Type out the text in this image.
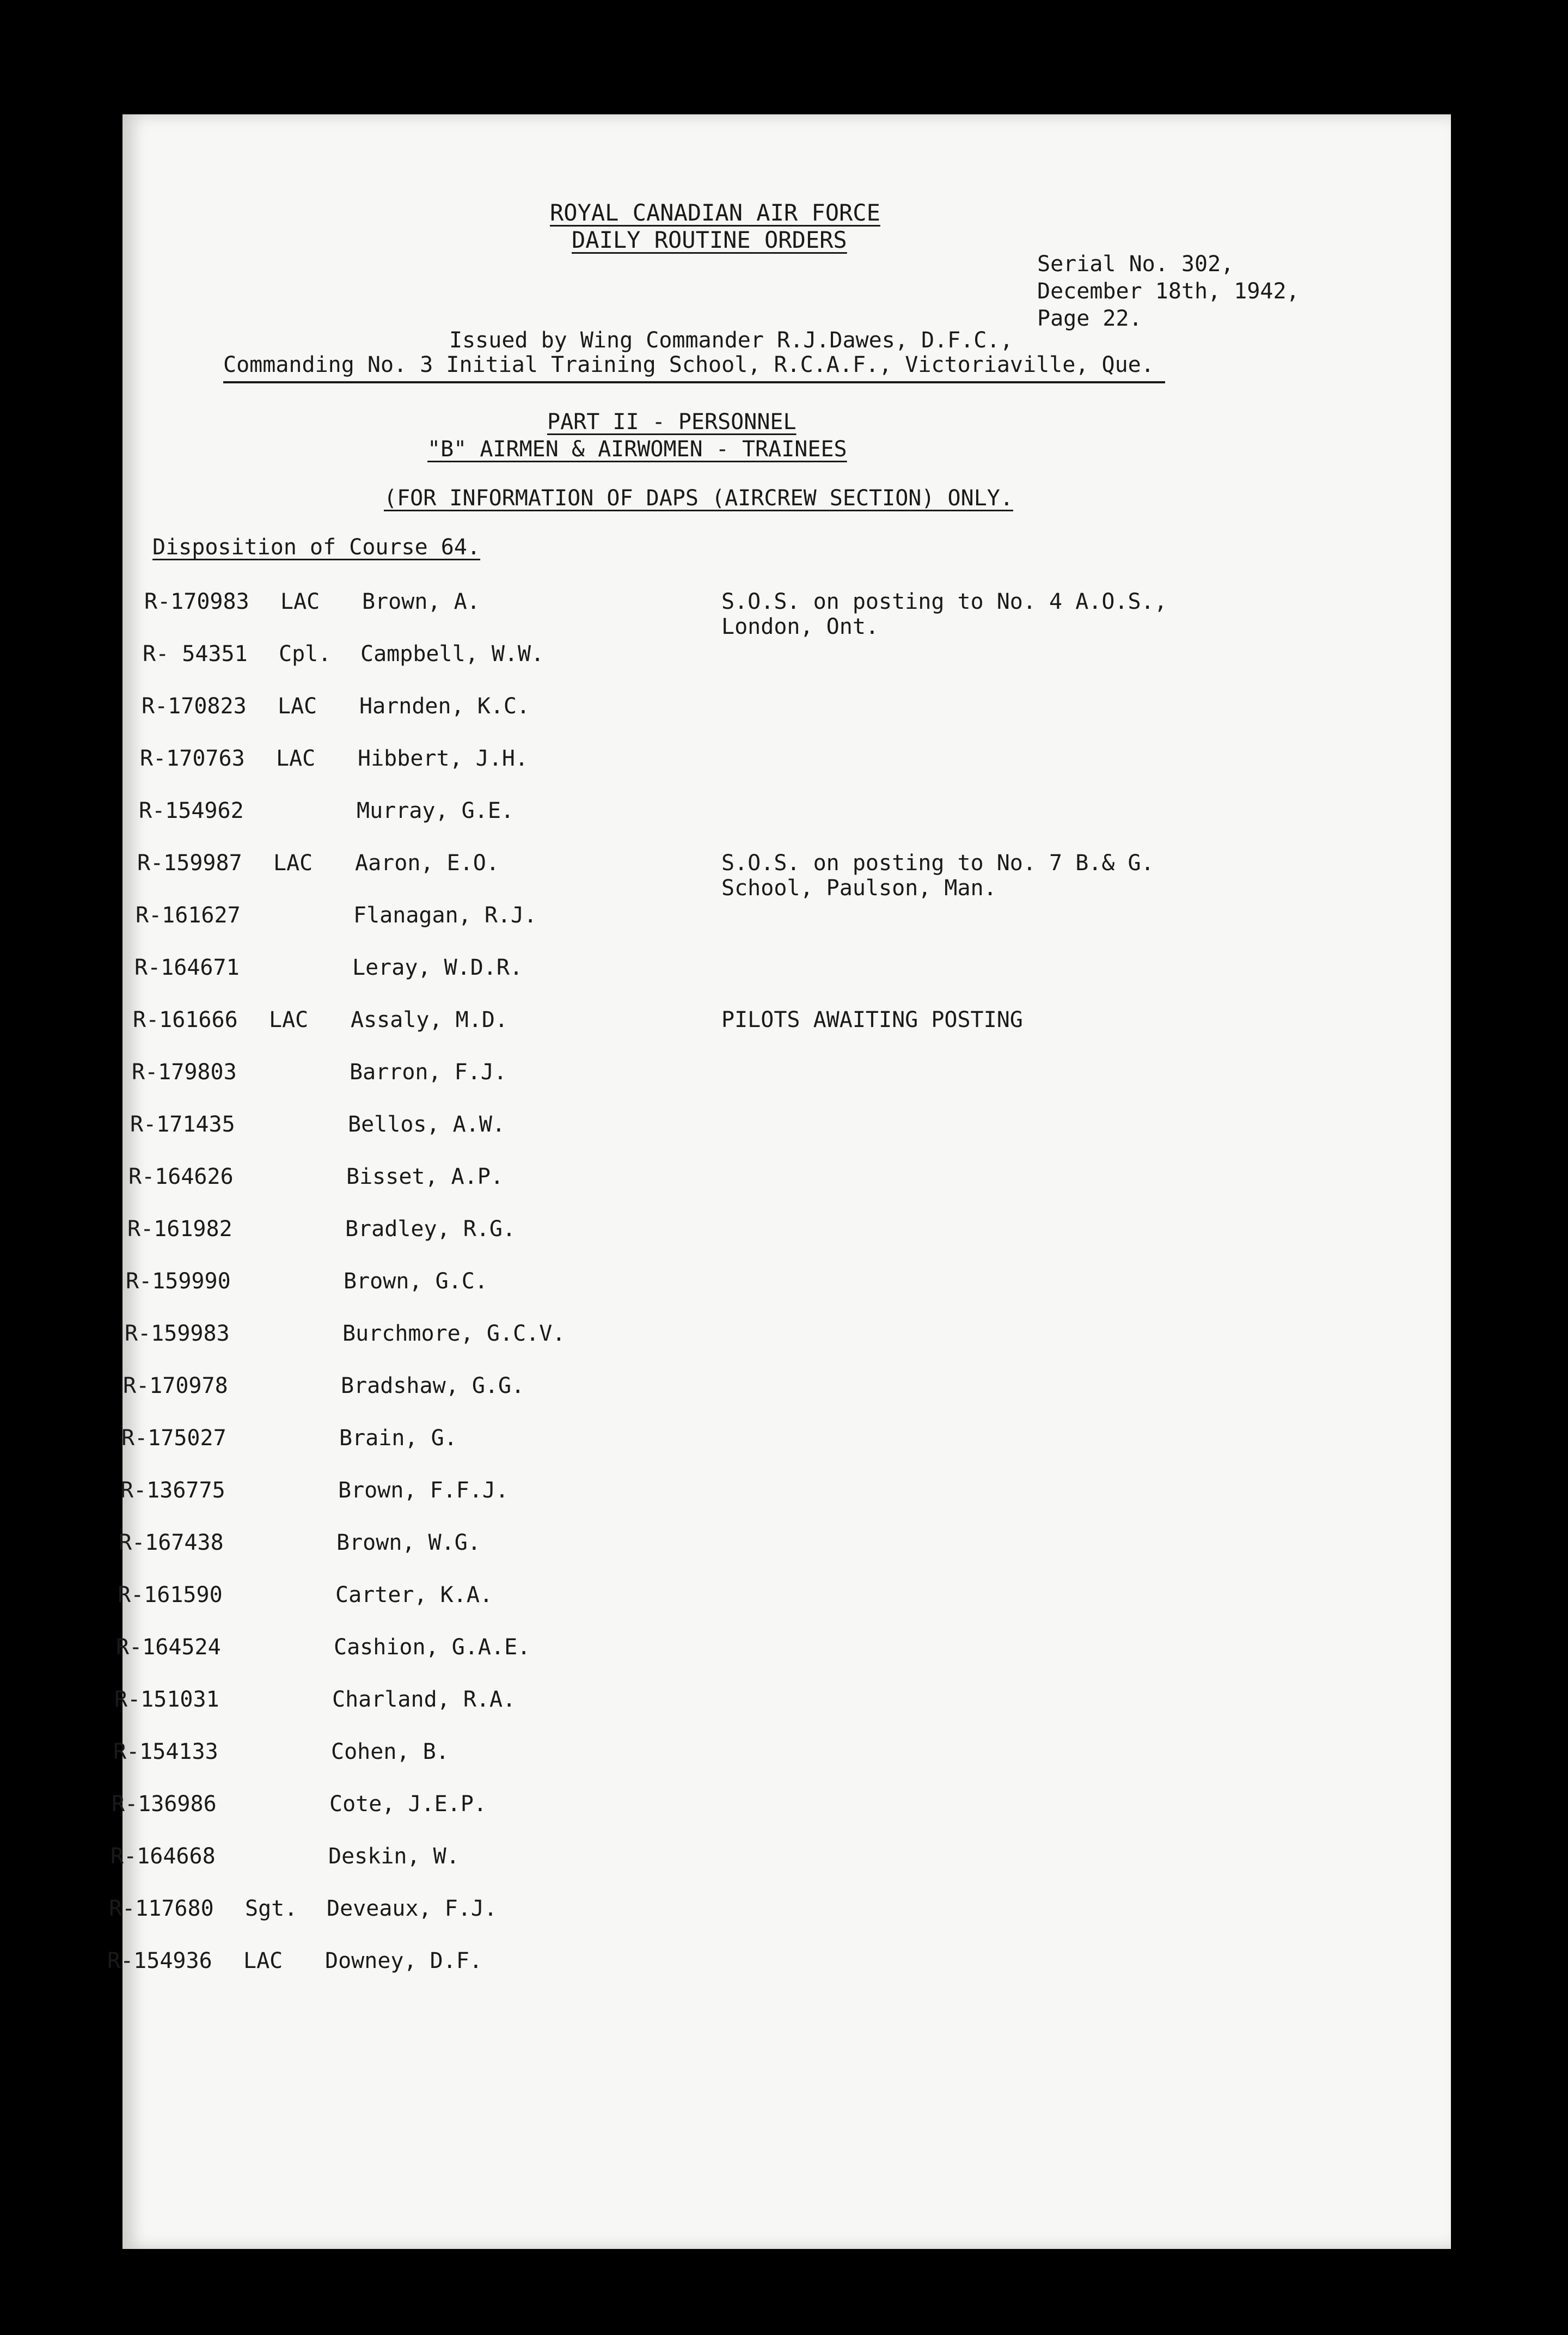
ROYAL CANADIAN AIR FORCE
DAILY ROUTINE ORDERS
Serial No. 302,
December 18th, 1942,
Page 22.
Issued by Wing Commander R.J.Dawes, D.F.C.,
Commanding No. 3 Initial Training School, R.C.A.F., Victoriaville, Que.
PART II - PERSONNEL
"B" AIRMEN & AIRWOMEN - TRAINEES
(FOR INFORMATION OF DAPS (AIRCREW SECTION) ONLY.
Disposition of Course 64.
R-170983 LAC Brown, A.	S.O.S. on posting to No. 4 A.O.S.,
London, Ont.
R- 54351 Cpl. Campbell, W.W.
R-170823 LAC Harnden, K.C.
R-170763 LAC Hibbert, J.H.
R-154962	Murray, G.E.
R-159987 LAC Aaron, E.O.	S.O.S. on posting to No. 7 B.& G.
School, Paulson, Man.
R-161627	Flanagan, R.J.
R-164671	Leray, W.D.R.
R-161666 LAC Assaly, M.D.	PILOTS AWAITING POSTING
R-179803	Barron, F.J.
R-171435	Bellos, A.W.
R-164626	Bisset, A.P.
R-161982	Bradley, R.G.
R-159990	Brown, G.C.
R-159983	Burchmore, G.C.V.
R-170978	Bradshaw, G.G.
R-175027	Brain, G.
R-136775	Brown, F.F.J.
R-167438	Brown, W.G.
R-161590	Carter, K.A.
R-164524	Cashion, G.A.E.
R-151031	Charland, R.A.
R-154133	Cohen, B.
R-136986	Cote, J.E.P.
R-164668	Deskin, W.
R-117680 Sgt. Deveaux, F.J.
R-154936 LAC Downey, D.F.
